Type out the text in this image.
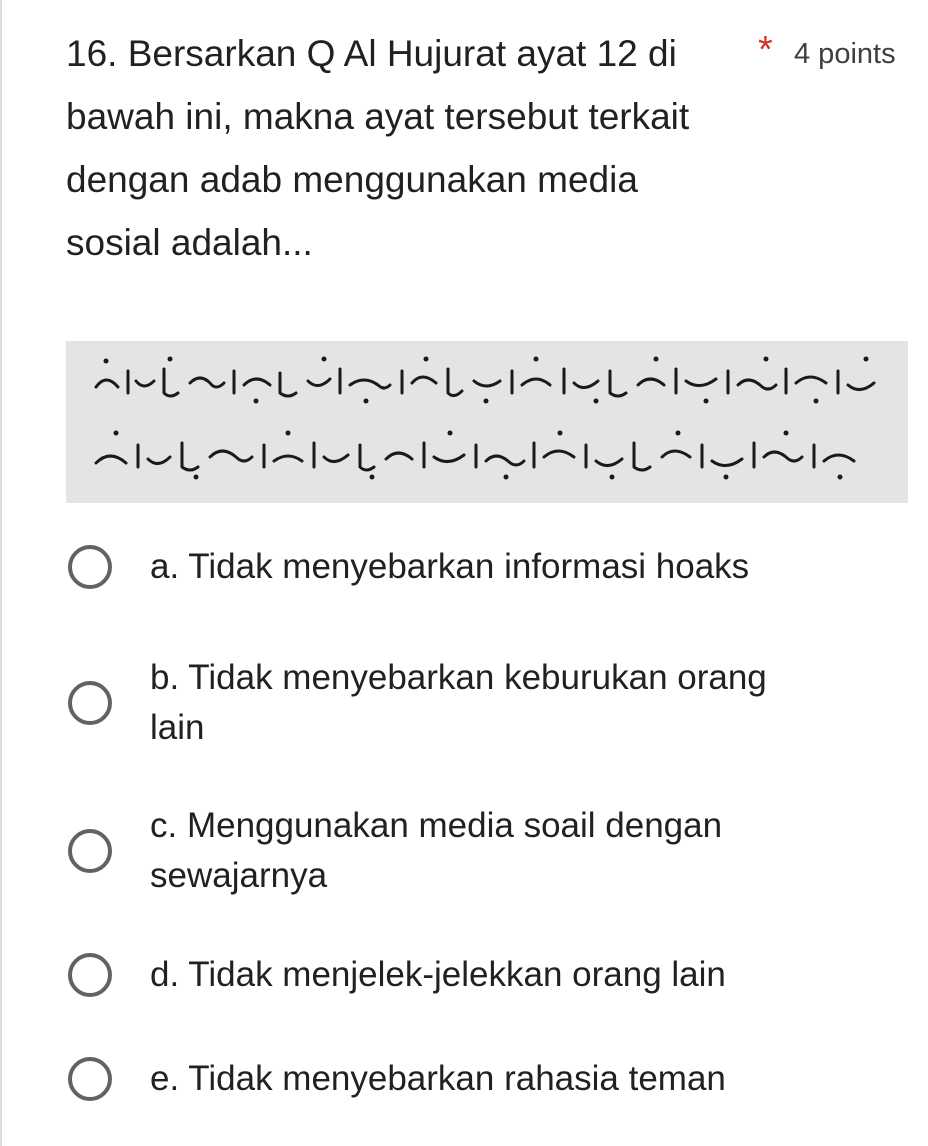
16. Bersarkan Q Al Hujurat ayat 12 di bawah ini, makna ayat tersebut terkait dengan adab menggunakan media sosial adalah...
* 4 points
a. Tidak menyebarkan informasi hoaks
b. Tidak menyebarkan keburukan orang lain
c. Menggunakan media soail dengan sewajarnya
d. Tidak menjelek-jelekkan orang lain
e. Tidak menyebarkan rahasia teman
